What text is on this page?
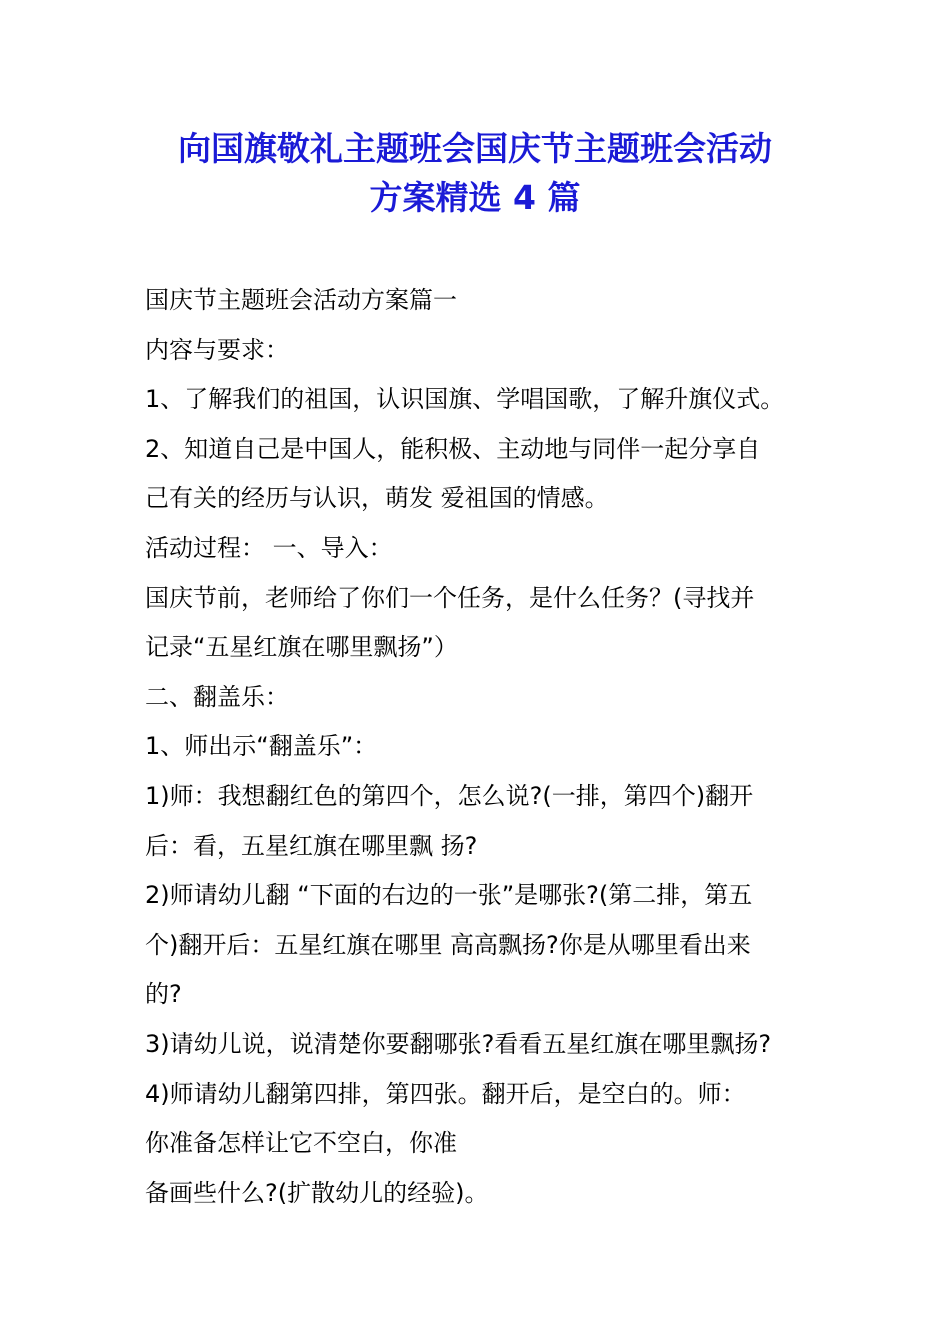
向国旗敬礼主题班会国庆节主题班会活动
方案精选 4 篇
国庆节主题班会活动方案篇一
内容与要求：
1、了解我们的祖国，认识国旗、学唱国歌，了解升旗仪式。
2、知道自己是中国人，能积极、主动地与同伴一起分享自
己有关的经历与认识，萌发 爱祖国的情感。
活动过程： 一、导入：
国庆节前，老师给了你们一个任务，是什么任务？(寻找并
记录“五星红旗在哪里飘扬”）
二、翻盖乐：
1、师出示“翻盖乐”：
1)师：我想翻红色的第四个，怎么说?(一排，第四个)翻开
后：看，五星红旗在哪里飘 扬?
2)师请幼儿翻 “下面的右边的一张”是哪张?(第二排，第五
个)翻开后：五星红旗在哪里 高高飘扬?你是从哪里看出来
的?
3)请幼儿说，说清楚你要翻哪张?看看五星红旗在哪里飘扬?
4)师请幼儿翻第四排，第四张。翻开后，是空白的。师：
你准备怎样让它不空白，你准
备画些什么?(扩散幼儿的经验)。
